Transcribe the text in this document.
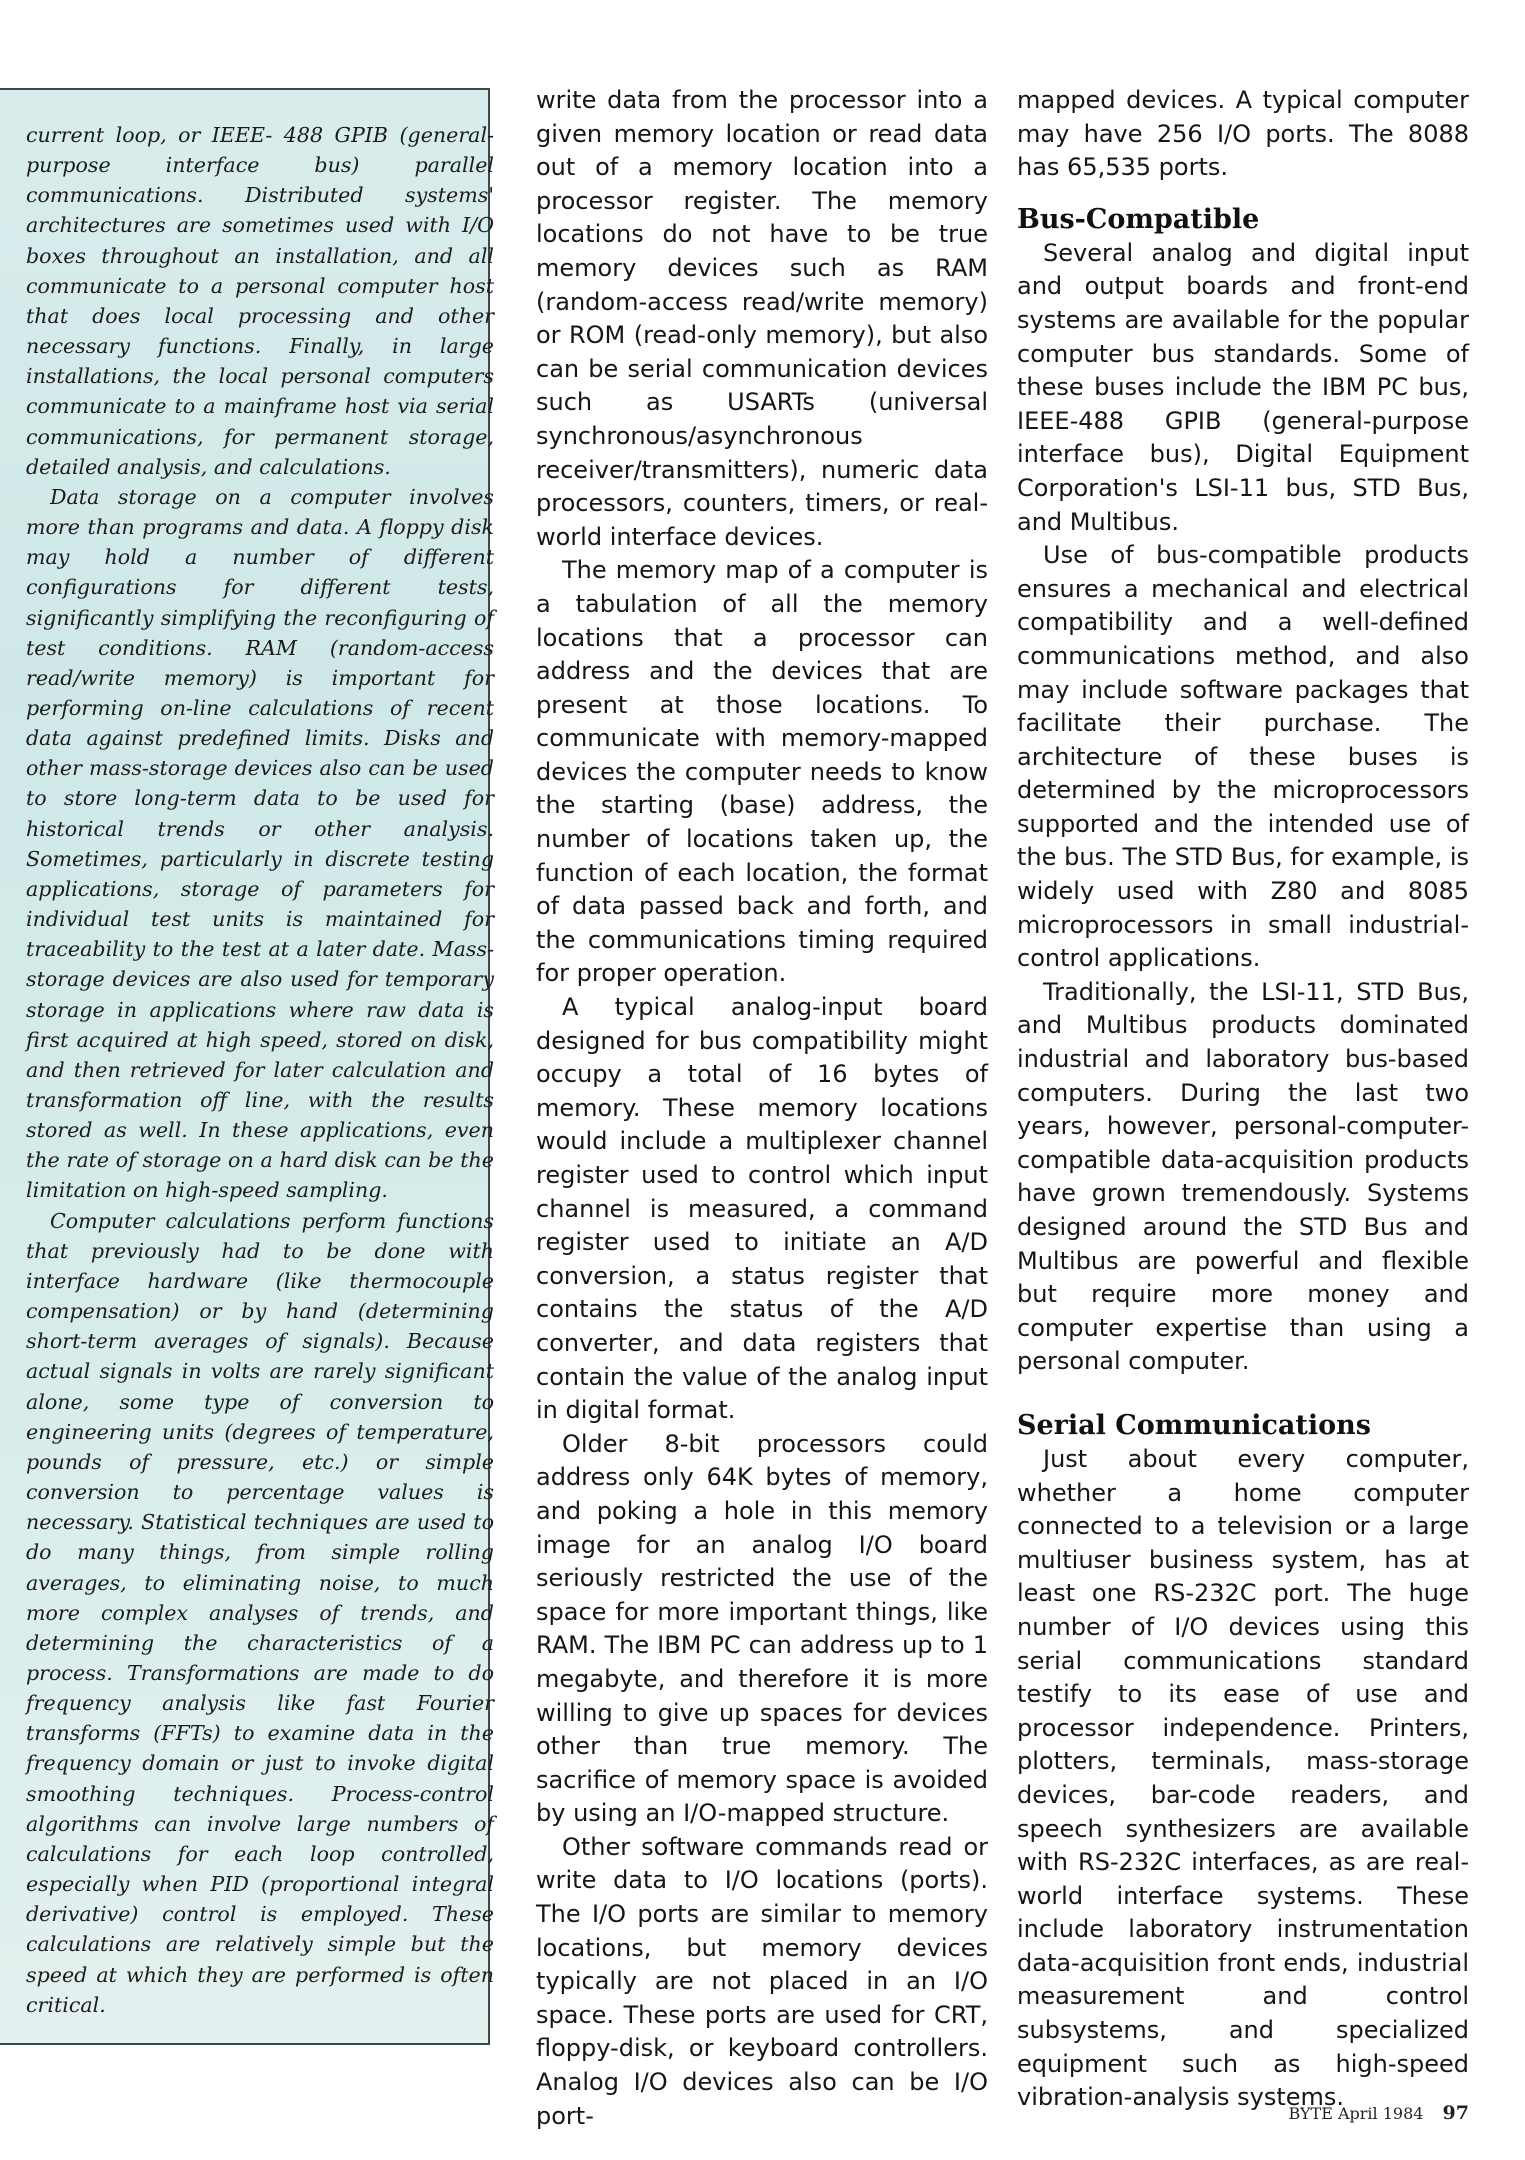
current loop, or IEEE- 488 GPIB (general-purpose interface bus) parallel communications. Distributed systems' architectures are sometimes used with I/O boxes throughout an installation, and all communicate to a personal computer host that does local processing and other necessary functions. Finally, in large installations, the local personal computers communicate to a mainframe host via serial communications, for permanent storage, detailed analysis, and calculations.

Data storage on a computer involves more than programs and data. A floppy disk may hold a number of different configurations for different tests, significantly simplifying the reconfiguring of test conditions. RAM (random-access read/write memory) is important for performing on-line calculations of recent data against predefined limits. Disks and other mass-storage devices also can be used to store long-term data to be used for historical trends or other analysis. Sometimes, particularly in discrete testing applications, storage of parameters for individual test units is maintained for traceability to the test at a later date. Mass-storage devices are also used for temporary storage in applications where raw data is first acquired at high speed, stored on disk, and then retrieved for later calculation and transformation off line, with the results stored as well. In these applications, even the rate of storage on a hard disk can be the limitation on high-speed sampling.

Computer calculations perform functions that previously had to be done with interface hardware (like thermocouple compensation) or by hand (determining short-term averages of signals). Because actual signals in volts are rarely significant alone, some type of conversion to engineering units (degrees of temperature, pounds of pressure, etc.) or simple conversion to percentage values is necessary. Statistical techniques are used to do many things, from simple rolling averages, to eliminating noise, to much more complex analyses of trends, and determining the characteristics of a process. Transformations are made to do frequency analysis like fast Fourier transforms (FFTs) to examine data in the frequency domain or just to invoke digital smoothing techniques. Process-control algorithms can involve large numbers of calculations for each loop controlled, especially when PID (proportional integral derivative) control is employed. These calculations are relatively simple but the speed at which they are performed is often critical.

write data from the processor into a given memory location or read data out of a memory location into a processor register. The memory locations do not have to be true memory devices such as RAM (random-access read/write memory) or ROM (read-only memory), but also can be serial communication devices such as USARTs (universal synchronous/asynchronous receiver/transmitters), numeric data processors, counters, timers, or real-world interface devices.

The memory map of a computer is a tabulation of all the memory locations that a processor can address and the devices that are present at those locations. To communicate with memory-mapped devices the computer needs to know the starting (base) address, the number of locations taken up, the function of each location, the format of data passed back and forth, and the communications timing required for proper operation.

A typical analog-input board designed for bus compatibility might occupy a total of 16 bytes of memory. These memory locations would include a multiplexer channel register used to control which input channel is measured, a command register used to initiate an A/D conversion, a status register that contains the status of the A/D converter, and data registers that contain the value of the analog input in digital format.

Older 8-bit processors could address only 64K bytes of memory, and poking a hole in this memory image for an analog I/O board seriously restricted the use of the space for more important things, like RAM. The IBM PC can address up to 1 megabyte, and therefore it is more willing to give up spaces for devices other than true memory. The sacrifice of memory space is avoided by using an I/O-mapped structure.

Other software commands read or write data to I/O locations (ports). The I/O ports are similar to memory locations, but memory devices typically are not placed in an I/O space. These ports are used for CRT, floppy-disk, or keyboard controllers. Analog I/O devices also can be I/O port-

mapped devices. A typical computer may have 256 I/O ports. The 8088 has 65,535 ports.

Bus-Compatible

Several analog and digital input and output boards and front-end systems are available for the popular computer bus standards. Some of these buses include the IBM PC bus, IEEE-488 GPIB (general-purpose interface bus), Digital Equipment Corporation's LSI-11 bus, STD Bus, and Multibus.

Use of bus-compatible products ensures a mechanical and electrical compatibility and a well-defined communications method, and also may include software packages that facilitate their purchase. The architecture of these buses is determined by the microprocessors supported and the intended use of the bus. The STD Bus, for example, is widely used with Z80 and 8085 microprocessors in small industrial-control applications.

Traditionally, the LSI-11, STD Bus, and Multibus products dominated industrial and laboratory bus-based computers. During the last two years, however, personal-computer-compatible data-acquisition products have grown tremendously. Systems designed around the STD Bus and Multibus are powerful and flexible but require more money and computer expertise than using a personal computer.

Serial Communications

Just about every computer, whether a home computer connected to a television or a large multiuser business system, has at least one RS-232C port. The huge number of I/O devices using this serial communications standard testify to its ease of use and processor independence. Printers, plotters, terminals, mass-storage devices, bar-code readers, and speech synthesizers are available with RS-232C interfaces, as are real-world interface systems. These include laboratory instrumentation data-acquisition front ends, industrial measurement and control subsystems, and specialized equipment such as high-speed vibration-analysis systems.

BYTE April 1984 97
